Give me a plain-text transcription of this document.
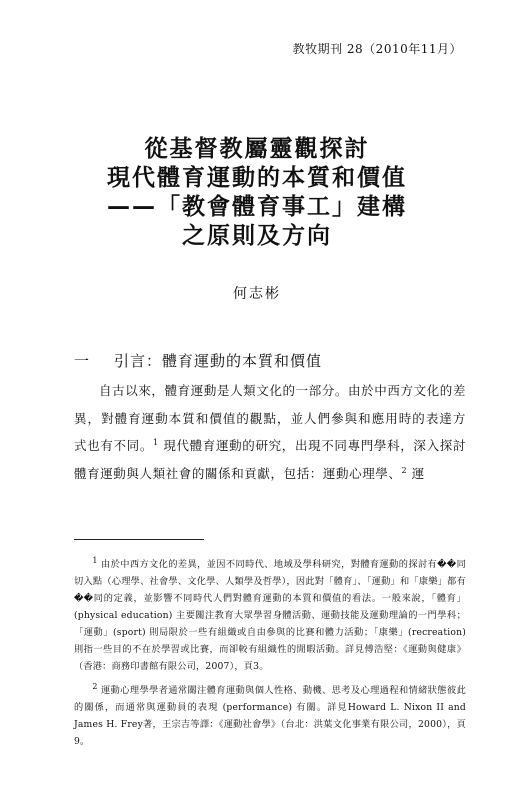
教牧期刊 28（2010年11月）
從基督教屬靈觀探討
現代體育運動的本質和價值
——「教會體育事工」建構
之原則及方向
何志彬
一 引言：體育運動的本質和價值

自古以來，體育運動是人類文化的一部分。由於中西方文化的差異，對體育運動本質和價值的觀點，並人們參與和應用時的表達方式也有不同。$^1$ 現代體育運動的研究，出現不同專門學科，深入探討體育運動與人類社會的關係和貢獻，包括：運動心理學、$^2$ 運

$^1$ 由於中西方文化的差異，並因不同時代、地域及學科研究，對體育運動的探討有��同切入點（心理學、社會學、文化學、人類學及哲學），因此對「體育」、「運動」和「康樂」都有��同的定義，並影響不同時代人們對體育運動的本質和價值的看法。一般來說，「體育」(physical education) 主要關注教育大眾學習身體活動、運動技能及運動理論的一門學科；「運動」(sport) 則局限於一些有組織或自由參與的比賽和體力活動；「康樂」(recreation) 則指一些目的不在於學習或比賽，而卻較有組織性的閒暇活動。詳見傅浩堅：《運動與健康》（香港：商務印書館有限公司，2007），頁3。

$^2$ 運動心理學學者通常關注體育運動與個人性格、動機、思考及心理過程和情緒狀態彼此的關係，而通常與運動員的表現 (performance) 有關。詳見Howard L. Nixon II and James H. Frey著，王宗吉等譯：《運動社會學》（台北：洪葉文化事業有限公司，2000），頁9。
